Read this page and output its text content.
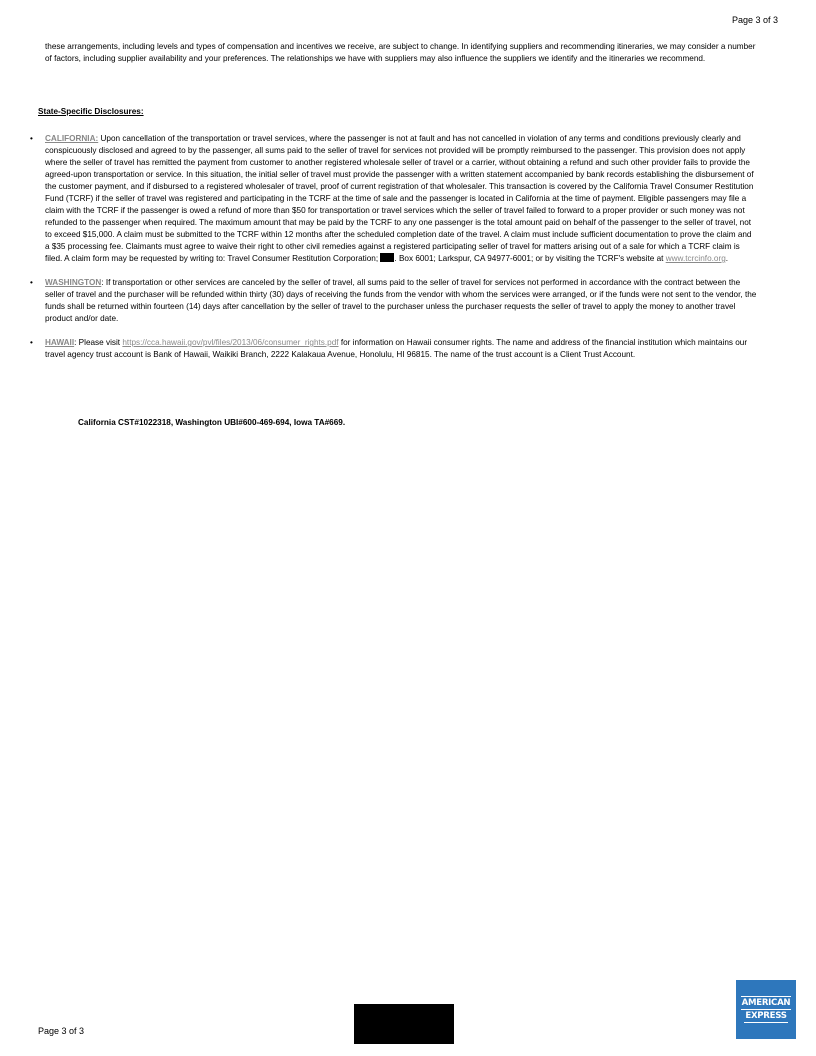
Page 3 of 3

these arrangements, including levels and types of compensation and incentives we receive, are subject to change. In identifying suppliers and recommending itineraries, we may consider a number of factors, including supplier availability and your preferences. The relationships we have with suppliers may also influence the suppliers we identify and the itineraries we recommend.

State-Specific Disclosures:
• CALIFORNIA: Upon cancellation of the transportation or travel services, where the passenger is not at fault and has not cancelled in violation of any terms and conditions previously clearly and conspicuously disclosed and agreed to by the passenger, all sums paid to the seller of travel for services not provided will be promptly reimbursed to the passenger. This provision does not apply where the seller of travel has remitted the payment from customer to another registered wholesale seller of travel or a carrier, without obtaining a refund and such other provider fails to provide the agreed-upon transportation or service. In this situation, the initial seller of travel must provide the passenger with a written statement accompanied by bank records establishing the disbursement of the customer payment, and if disbursed to a registered wholesaler of travel, proof of current registration of that wholesaler. This transaction is covered by the California Travel Consumer Restitution Fund (TCRF) if the seller of travel was registered and participating in the TCRF at the time of sale and the passenger is located in California at the time of payment. Eligible passengers may file a claim with the TCRF if the passenger is owed a refund of more than $50 for transportation or travel services which the seller of travel failed to forward to a proper provider or such money was not refunded to the passenger when required. The maximum amount that may be paid by the TCRF to any one passenger is the total amount paid on behalf of the passenger to the seller of travel, not to exceed $15,000. A claim must be submitted to the TCRF within 12 months after the scheduled completion date of the travel. A claim must include sufficient documentation to prove the claim and a $35 processing fee. Claimants must agree to waive their right to other civil remedies against a registered participating seller of travel for matters arising out of a sale for which a TCRF claim is filed. A claim form may be requested by writing to: Travel Consumer Restitution Corporation; . Box 6001; Larkspur, CA 94977-6001; or by visiting the TCRF's website at www.tcrcinfo.org.
• WASHINGTON: If transportation or other services are canceled by the seller of travel, all sums paid to the seller of travel for services not performed in accordance with the contract between the seller of travel and the purchaser will be refunded within thirty (30) days of receiving the funds from the vendor with whom the services were arranged, or if the funds were not sent to the vendor, the funds shall be returned within fourteen (14) days after cancellation by the seller of travel to the purchaser unless the purchaser requests the seller of travel to apply the money to another travel product and/or date.
• HAWAII: Please visit https://cca.hawaii.gov/pvl/files/2013/06/consumer_rights.pdf for information on Hawaii consumer rights. The name and address of the financial institution which maintains our travel agency trust account is Bank of Hawaii, Waikiki Branch, 2222 Kalakaua Avenue, Honolulu, HI 96815. The name of the trust account is a Client Trust Account.

California CST#1022318, Washington UBI#600-469-694, Iowa TA#669.

Page 3 of 3
AMERICAN
EXPRESS
